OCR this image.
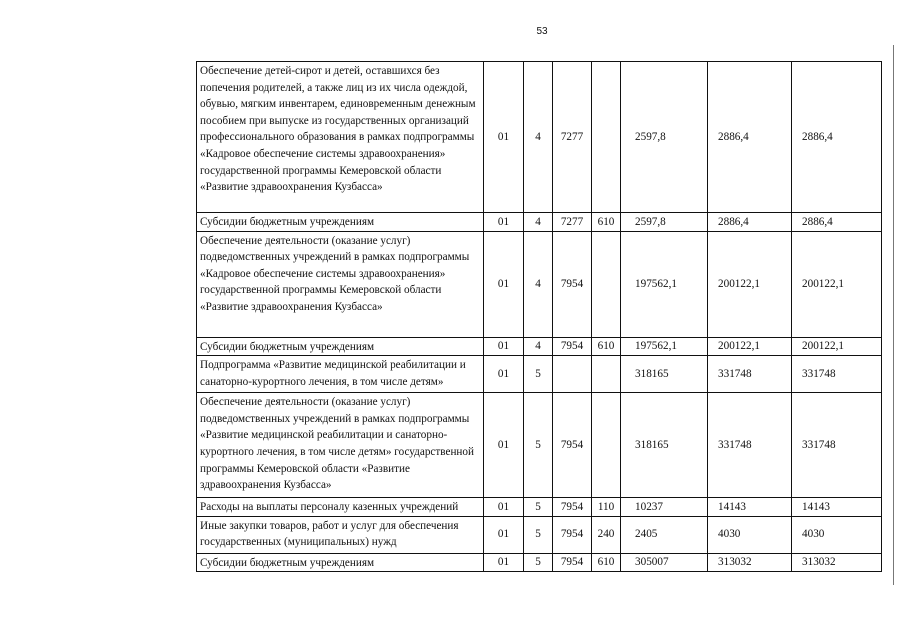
53
Обеспечение детей-сирот и детей, оставшихся без попечения родителей, а также лиц из их числа одеждой, обувью, мягким инвентарем, единовременным денежным пособием при выпуске из государственных организаций профессионального образования в рамках подпрограммы «Кадровое обеспечение системы здравоохранения» государственной программы Кемеровской области «Развитие здравоохранения Кузбасса»	01	4	7277		2597,8	2886,4	2886,4
Субсидии бюджетным учреждениям	01	4	7277	610	2597,8	2886,4	2886,4
Обеспечение деятельности (оказание услуг) подведомственных учреждений в рамках подпрограммы «Кадровое обеспечение системы здравоохранения» государственной программы Кемеровской области «Развитие здравоохранения Кузбасса»	01	4	7954		197562,1	200122,1	200122,1
Субсидии бюджетным учреждениям	01	4	7954	610	197562,1	200122,1	200122,1
Подпрограмма «Развитие медицинской реабилитации и санаторно-курортного лечения, в том числе детям»	01	5			318165	331748	331748
Обеспечение деятельности (оказание услуг) подведомственных учреждений в рамках подпрограммы «Развитие медицинской реабилитации и санаторно-курортного лечения, в том числе детям» государственной программы Кемеровской области «Развитие здравоохранения Кузбасса»	01	5	7954		318165	331748	331748
Расходы на выплаты персоналу казенных учреждений	01	5	7954	110	10237	14143	14143
Иные закупки товаров, работ и услуг для обеспечения государственных (муниципальных) нужд	01	5	7954	240	2405	4030	4030
Субсидии бюджетным учреждениям	01	5	7954	610	305007	313032	313032
